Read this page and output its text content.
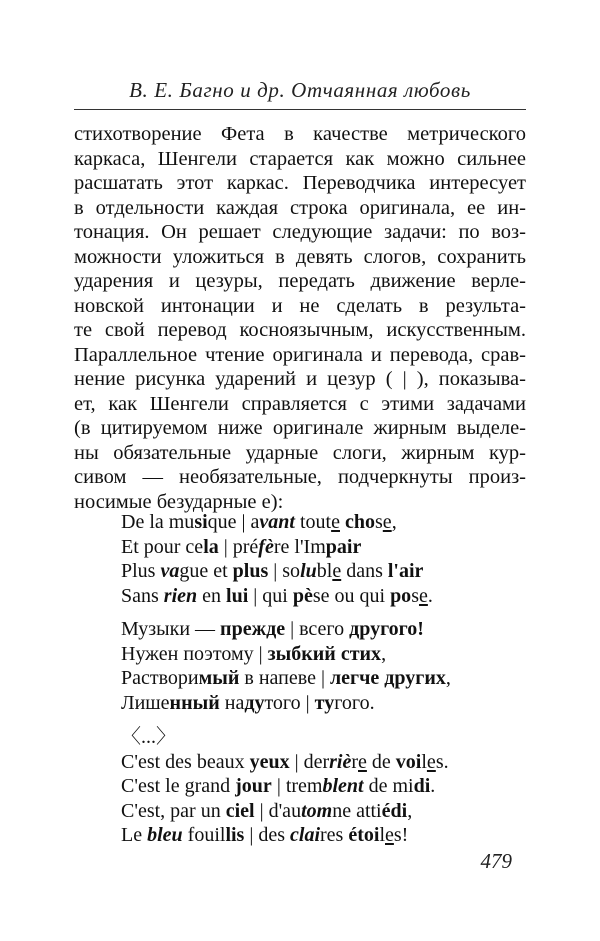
В. Е. Багно и др. Отчаянная любовь
стихотворение Фета в качестве метрического
каркаса, Шенгели старается как можно сильнее
расшатать этот каркас. Переводчика интересует
в отдельности каждая строка оригинала, ее ин-
тонация. Он решает следующие задачи: по воз-
можности уложиться в девять слогов, сохранить
ударения и цезуры, передать движение верле-
новской интонации и не сделать в результа-
те свой перевод косноязычным, искусственным.
Параллельное чтение оригинала и перевода, срав-
нение рисунка ударений и цезур ( | ), показыва-
ет, как Шенгели справляется с этими задачами
(в цитируемом ниже оригинале жирным выделе-
ны обязательные ударные слоги, жирным кур-
сивом — необязательные, подчеркнуты произ-
носимые безударные e):
De la musique | avant toute chose,
Et pour cela | préfère l'Impair
Plus vague et plus | soluble dans l'air
Sans rien en lui | qui pèse ou qui pose.
Музыки — прежде | всего другого!
Нужен поэтому | зыбкий стих,
Растворимый в напеве | легче других,
Лишенный надутого | тугого.
〈...〉
C'est des beaux yeux | derrière de voiles.
C'est le grand jour | tremblent de midi.
C'est, par un ciel | d'automne attiédi,
Le bleu fouillis | des claires étoiles!
479
